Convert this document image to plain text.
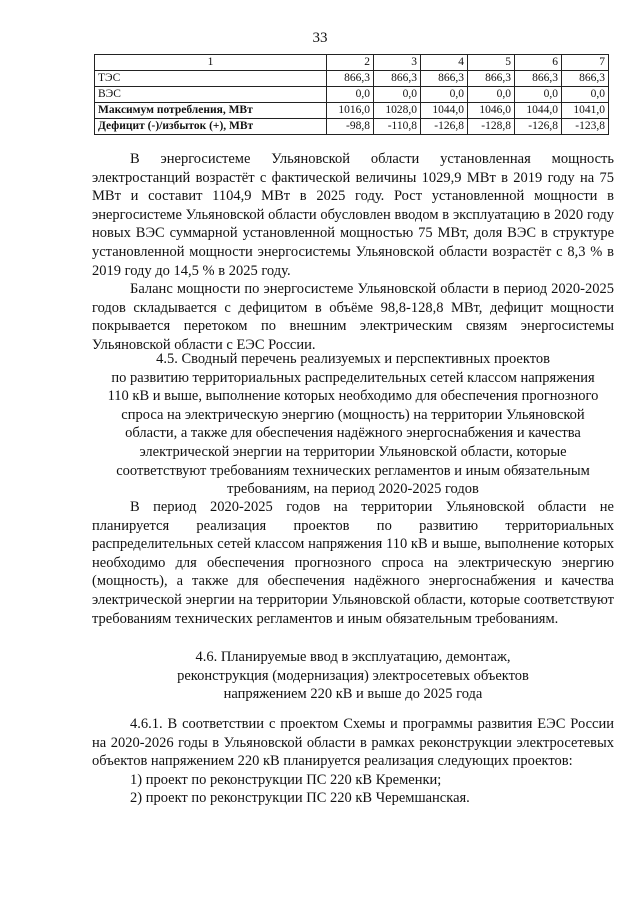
33
1	2	3	4	5	6	7
ТЭС	866,3	866,3	866,3	866,3	866,3	866,3
ВЭС	0,0	0,0	0,0	0,0	0,0	0,0
Максимум потребления, МВт	1016,0	1028,0	1044,0	1046,0	1044,0	1041,0
Дефицит (-)/избыток (+), МВт	-98,8	-110,8	-126,8	-128,8	-126,8	-123,8

В энергосистеме Ульяновской области установленная мощность электростанций возрастёт с фактической величины 1029,9 МВт в 2019 году на 75 МВт и составит 1104,9 МВт в 2025 году. Рост установленной мощности в энергосистеме Ульяновской области обусловлен вводом в эксплуатацию в 2020 году новых ВЭС суммарной установленной мощностью 75 МВт, доля ВЭС в структуре установленной мощности энергосистемы Ульяновской области возрастёт с 8,3 % в 2019 году до 14,5 % в 2025 году.

Баланс мощности по энергосистеме Ульяновской области в период 2020-2025 годов складывается с дефицитом в объёме 98,8-128,8 МВт, дефицит мощности покрывается перетоком по внешним электрическим связям энергосистемы Ульяновской области с ЕЭС России.

4.5. Сводный перечень реализуемых и перспективных проектов
по развитию территориальных распределительных сетей классом напряжения
110 кВ и выше, выполнение которых необходимо для обеспечения прогнозного
спроса на электрическую энергию (мощность) на территории Ульяновской
области, а также для обеспечения надёжного энергоснабжения и качества
электрической энергии на территории Ульяновской области, которые
соответствуют требованиям технических регламентов и иным обязательным
требованиям, на период 2020-2025 годов

В период 2020-2025 годов на территории Ульяновской области не планируется реализация проектов по развитию территориальных распределительных сетей классом напряжения 110 кВ и выше, выполнение которых необходимо для обеспечения прогнозного спроса на электрическую энергию (мощность), а также для обеспечения надёжного энергоснабжения и качества электрической энергии на территории Ульяновской области, которые соответствуют требованиям технических регламентов и иным обязательным требованиям.

4.6. Планируемые ввод в эксплуатацию, демонтаж,
реконструкция (модернизация) электросетевых объектов
напряжением 220 кВ и выше до 2025 года

4.6.1. В соответствии с проектом Схемы и программы развития ЕЭС России на 2020-2026 годы в Ульяновской области в рамках реконструкции электросетевых объектов напряжением 220 кВ планируется реализация следующих проектов:

1) проект по реконструкции ПС 220 кВ Кременки;

2) проект по реконструкции ПС 220 кВ Черемшанская.
